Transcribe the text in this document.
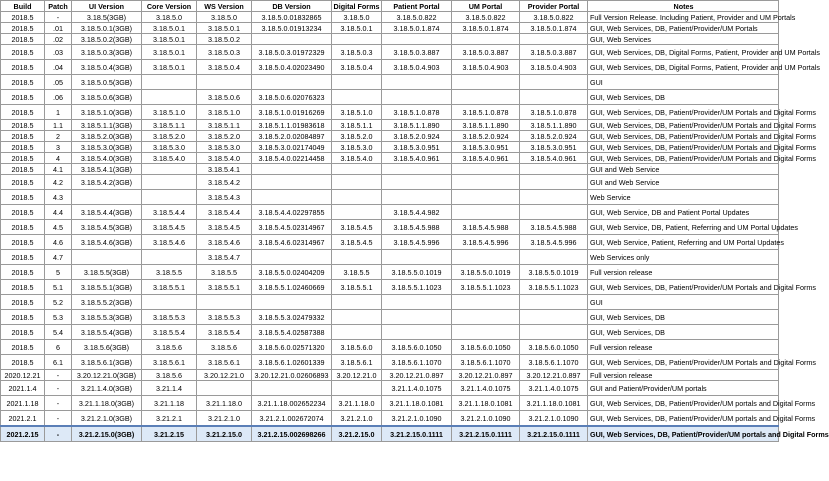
Build	Patch	UI Version	Core Version	WS Version	DB Version	Digital Forms	Patient Portal	UM Portal	Provider Portal	Notes
2018.5	-	3.18.5(3GB)	3.18.5.0	3.18.5.0	3.18.5.0.01832865	3.18.5.0	3.18.5.0.822	3.18.5.0.822	3.18.5.0.822	Full Version Release. Including Patient, Provider and UM Portals
2018.5	.01	3.18.5.0.1(3GB)	3.18.5.0.1	3.18.5.0.1	3.18.5.0.01913234	3.18.5.0.1	3.18.5.0.1.874	3.18.5.0.1.874	3.18.5.0.1.874	GUI, Web Services, DB, Patient/Provider/UM Portals
2018.5	.02	3.18.5.0.2(3GB)	3.18.5.0.1	3.18.5.0.2						GUI, Web Services
2018.5	.03	3.18.5.0.3(3GB)	3.18.5.0.1	3.18.5.0.3	3.18.5.0.3.01972329	3.18.5.0.3	3.18.5.0.3.887	3.18.5.0.3.887	3.18.5.0.3.887	GUI, Web Services, DB, Digital Forms, Patient, Provider and UM Portals
2018.5	.04	3.18.5.0.4(3GB)	3.18.5.0.1	3.18.5.0.4	3.18.5.0.4.02023490	3.18.5.0.4	3.18.5.0.4.903	3.18.5.0.4.903	3.18.5.0.4.903	GUI, Web Services, DB, Digital Forms, Patient, Provider and UM Portals
2018.5	.05	3.18.5.0.5(3GB)								GUI
2018.5	.06	3.18.5.0.6(3GB)		3.18.5.0.6	3.18.5.0.6.02076323					GUI, Web Services, DB
2018.5	1	3.18.5.1.0(3GB)	3.18.5.1.0	3.18.5.1.0	3.18.5.1.0.01916269	3.18.5.1.0	3.18.5.1.0.878	3.18.5.1.0.878	3.18.5.1.0.878	GUI, Web Services, DB, Patient/Provider/UM Portals and Digital Forms
2018.5	1.1	3.18.5.1.1(3GB)	3.18.5.1.1	3.18.5.1.1	3.18.5.1.1.01983618	3.18.5.1.1	3.18.5.1.1.890	3.18.5.1.1.890	3.18.5.1.1.890	GUI, Web Services, DB, Patient/Provider/UM Portals and Digital Forms
2018.5	2	3.18.5.2.0(3GB)	3.18.5.2.0	3.18.5.2.0	3.18.5.2.0.02084897	3.18.5.2.0	3.18.5.2.0.924	3.18.5.2.0.924	3.18.5.2.0.924	GUI, Web Services, DB, Patient/Provider/UM Portals and Digital Forms
2018.5	3	3.18.5.3.0(3GB)	3.18.5.3.0	3.18.5.3.0	3.18.5.3.0.02174049	3.18.5.3.0	3.18.5.3.0.951	3.18.5.3.0.951	3.18.5.3.0.951	GUI, Web Services, DB, Patient/Provider/UM Portals and Digital Forms
2018.5	4	3.18.5.4.0(3GB)	3.18.5.4.0	3.18.5.4.0	3.18.5.4.0.02214458	3.18.5.4.0	3.18.5.4.0.961	3.18.5.4.0.961	3.18.5.4.0.961	GUI, Web Services, DB, Patient/Provider/UM Portals and Digital Forms
2018.5	4.1	3.18.5.4.1(3GB)		3.18.5.4.1						GUI and Web Service
2018.5	4.2	3.18.5.4.2(3GB)		3.18.5.4.2						GUI and Web Service
2018.5	4.3			3.18.5.4.3						Web Service
2018.5	4.4	3.18.5.4.4(3GB)	3.18.5.4.4	3.18.5.4.4	3.18.5.4.4.02297855		3.18.5.4.4.982			GUI, Web Service, DB and Patient Portal Updates
2018.5	4.5	3.18.5.4.5(3GB)	3.18.5.4.5	3.18.5.4.5	3.18.5.4.5.02314967	3.18.5.4.5	3.18.5.4.5.988	3.18.5.4.5.988	3.18.5.4.5.988	GUI, Web Service, DB, Patient, Referring and UM Portal Updates
2018.5	4.6	3.18.5.4.6(3GB)	3.18.5.4.6	3.18.5.4.6	3.18.5.4.6.02314967	3.18.5.4.5	3.18.5.4.5.996	3.18.5.4.5.996	3.18.5.4.5.996	GUI, Web Service, Patient, Referring and UM Portal Updates
2018.5	4.7			3.18.5.4.7						Web Services only
2018.5	5	3.18.5.5(3GB)	3.18.5.5	3.18.5.5	3.18.5.5.0.02404209	3.18.5.5	3.18.5.5.0.1019	3.18.5.5.0.1019	3.18.5.5.0.1019	Full version release
2018.5	5.1	3.18.5.5.1(3GB)	3.18.5.5.1	3.18.5.5.1	3.18.5.5.1.02460669	3.18.5.5.1	3.18.5.5.1.1023	3.18.5.5.1.1023	3.18.5.5.1.1023	GUI, Web Services, DB, Patient/Provider/UM Portals and Digital Forms
2018.5	5.2	3.18.5.5.2(3GB)								GUI
2018.5	5.3	3.18.5.5.3(3GB)	3.18.5.5.3	3.18.5.5.3	3.18.5.5.3.02479332					GUI, Web Services, DB
2018.5	5.4	3.18.5.5.4(3GB)	3.18.5.5.4	3.18.5.5.4	3.18.5.5.4.02587388					GUI, Web Services, DB
2018.5	6	3.18.5.6(3GB)	3.18.5.6	3.18.5.6	3.18.5.6.0.02571320	3.18.5.6.0	3.18.5.6.0.1050	3.18.5.6.0.1050	3.18.5.6.0.1050	Full version release
2018.5	6.1	3.18.5.6.1(3GB)	3.18.5.6.1	3.18.5.6.1	3.18.5.6.1.02601339	3.18.5.6.1	3.18.5.6.1.1070	3.18.5.6.1.1070	3.18.5.6.1.1070	GUI, Web Services, DB, Patient/Provider/UM Portals and Digital Forms
2020.12.21	-	3.20.12.21.0(3GB)	3.18.5.6	3.20.12.21.0	3.20.12.21.0.02606893	3.20.12.21.0	3.20.12.21.0.897	3.20.12.21.0.897	3.20.12.21.0.897	Full version release
2021.1.4	-	3.21.1.4.0(3GB)	3.21.1.4				3.21.1.4.0.1075	3.21.1.4.0.1075	3.21.1.4.0.1075	GUI and Patient/Provider/UM portals
2021.1.18	-	3.21.1.18.0(3GB)	3.21.1.18	3.21.1.18.0	3.21.1.18.002652234	3.21.1.18.0	3.21.1.18.0.1081	3.21.1.18.0.1081	3.21.1.18.0.1081	GUI, Web Services, DB, Patient/Provider/UM portals and Digital Forms
2021.2.1	-	3.21.2.1.0(3GB)	3.21.2.1	3.21.2.1.0	3.21.2.1.002672074	3.21.2.1.0	3.21.2.1.0.1090	3.21.2.1.0.1090	3.21.2.1.0.1090	GUI, Web Services, DB, Patient/Provider/UM portals and Digital Forms
2021.2.15	-	3.21.2.15.0(3GB)	3.21.2.15	3.21.2.15.0	3.21.2.15.002698266	3.21.2.15.0	3.21.2.15.0.1111	3.21.2.15.0.1111	3.21.2.15.0.1111	GUI, Web Services, DB, Patient/Provider/UM portals and Digital Forms
